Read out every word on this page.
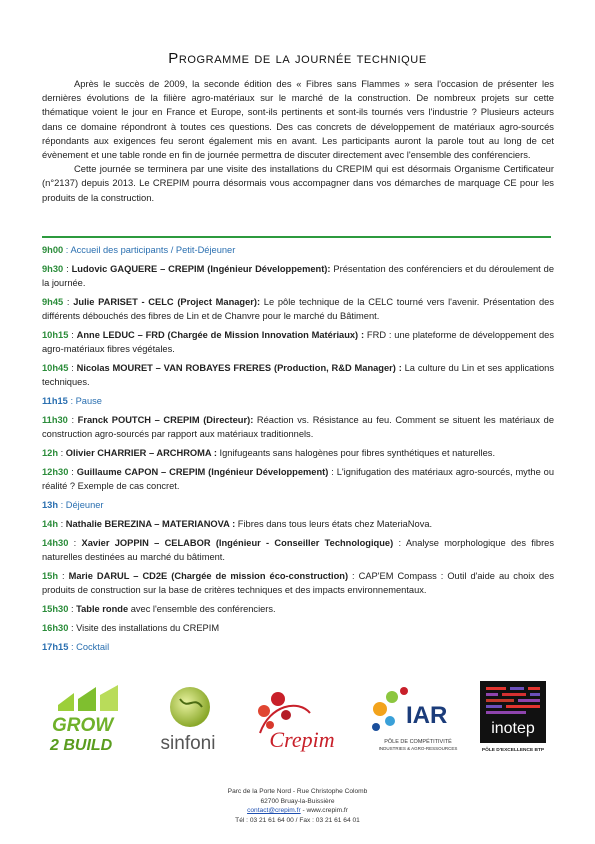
Programme de la journée technique

Après le succès de 2009, la seconde édition des « Fibres sans Flammes » sera l'occasion de présenter les dernières évolutions de la filière agro-matériaux sur le marché de la construction. De nombreux projets sur cette thématique voient le jour en France et Europe, sont-ils pertinents et sont-ils tournés vers l'industrie ? Plusieurs acteurs dans ce domaine répondront à toutes ces questions. Des cas concrets de développement de matériaux agro-sourcés répondants aux exigences feu seront également mis en avant. Les participants auront la parole tout au long de cet évènement et une table ronde en fin de journée permettra de discuter directement avec l'ensemble des conférenciers.

Cette journée se terminera par une visite des installations du CREPIM qui est désormais Organisme Certificateur (n°2137) depuis 2013. Le CREPIM pourra désormais vous accompagner dans vos démarches de marquage CE pour les produits de la construction.

9h00 : Accueil des participants / Petit-Déjeuner
9h30 : Ludovic GAQUERE – CREPIM (Ingénieur Développement): Présentation des conférenciers et du déroulement de la journée.
9h45 : Julie PARISET - CELC (Project Manager): Le pôle technique de la CELC tourné vers l'avenir. Présentation des différents débouchés des fibres de Lin et de Chanvre pour le marché du Bâtiment.
10h15 : Anne LEDUC – FRD (Chargée de Mission Innovation Matériaux) : FRD : une plateforme de développement des agro-matériaux fibres végétales.
10h45 : Nicolas MOURET – VAN ROBAYES FRERES (Production, R&D Manager) : La culture du Lin et ses applications techniques.
11h15 : Pause
11h30 : Franck POUTCH – CREPIM (Directeur): Réaction vs. Résistance au feu. Comment se situent les matériaux de construction agro-sourcés par rapport aux matériaux traditionnels.
12h : Olivier CHARRIER – ARCHROMA : Ignifugeants sans halogènes pour fibres synthétiques et naturelles.
12h30 : Guillaume CAPON – CREPIM (Ingénieur Développement) : L'ignifugation des matériaux agro-sourcés, mythe ou réalité ? Exemple de cas concret.
13h : Déjeuner
14h : Nathalie BEREZINA – MATERIANOVA : Fibres dans tous leurs états chez MateriaNova.
14h30 : Xavier JOPPIN – CELABOR (Ingénieur - Conseiller Technologique) : Analyse morphologique des fibres naturelles destinées au marché du bâtiment.
15h : Marie DARUL – CD2E (Chargée de mission éco-construction) : CAP'EM Compass : Outil d'aide au choix des produits de construction sur la base de critères techniques et des impacts environnementaux.
15h30 : Table ronde avec l'ensemble des conférenciers.
16h30 : Visite des installations du CREPIM
17h15 : Cocktail
GROW
2 BUILD	sinfoni Crepim
IAR
PÔLE DE COMPÉTITIVITÉ
INDUSTRIES & AGRO-RESSOURCES
inotep
PÔLE D'EXCELLENCE BTP
Parc de la Porte Nord - Rue Christophe Colomb
62700 Bruay-la-Buissière
contact@crepim.fr - www.crepim.fr
Tél : 03 21 61 64 00 / Fax : 03 21 61 64 01
